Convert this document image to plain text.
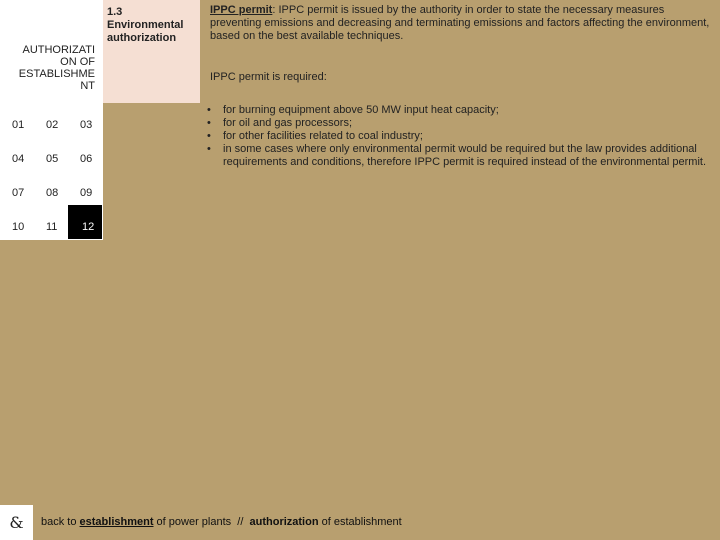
1.3
Environmental
authorization
AUTHORIZATI
ON OF
ESTABLISHME
NT
01	02	03
04	05	06
07	08	09
10	11	12

IPPC permit: IPPC permit is issued by the authority in order to state the necessary measures preventing emissions and decreasing and terminating emissions and factors affecting the environment, based on the best available techniques.

IPPC permit is required:

• for burning equipment above 50 MW input heat capacity;
• for oil and gas processors;
• for other facilities related to coal industry;
• in some cases where only environmental permit would be required but the law provides additional requirements and conditions, therefore IPPC permit is required instead of the environmental permit.
&	back to establishment of power plants  //  authorization of establishment
